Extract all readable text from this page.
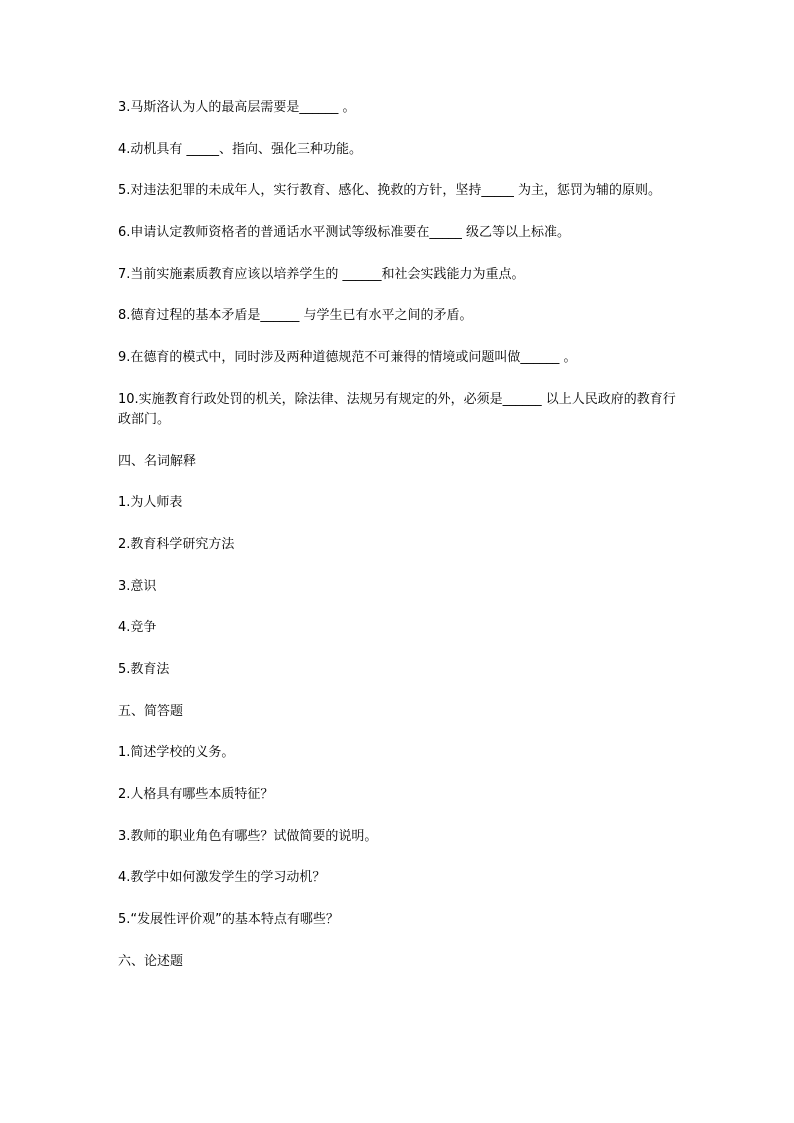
3.马斯洛认为人的最高层需要是______ 。

4.动机具有 _____、指向、强化三种功能。

5.对违法犯罪的未成年人，实行教育、感化、挽救的方针，坚持_____ 为主，惩罚为辅的原则。

6.申请认定教师资格者的普通话水平测试等级标准要在_____ 级乙等以上标准。

7.当前实施素质教育应该以培养学生的 ______和社会实践能力为重点。

8.德育过程的基本矛盾是______ 与学生已有水平之间的矛盾。

9.在德育的模式中，同时涉及两种道德规范不可兼得的情境或问题叫做______ 。

10.实施教育行政处罚的机关，除法律、法规另有规定的外，必须是______ 以上人民政府的教育行政部门。

四、名词解释

1.为人师表

2.教育科学研究方法

3.意识

4.竞争

5.教育法

五、简答题

1.简述学校的义务。

2.人格具有哪些本质特征？

3.教师的职业角色有哪些？试做简要的说明。

4.教学中如何激发学生的学习动机？

5.“发展性评价观”的基本特点有哪些？

六、论述题
